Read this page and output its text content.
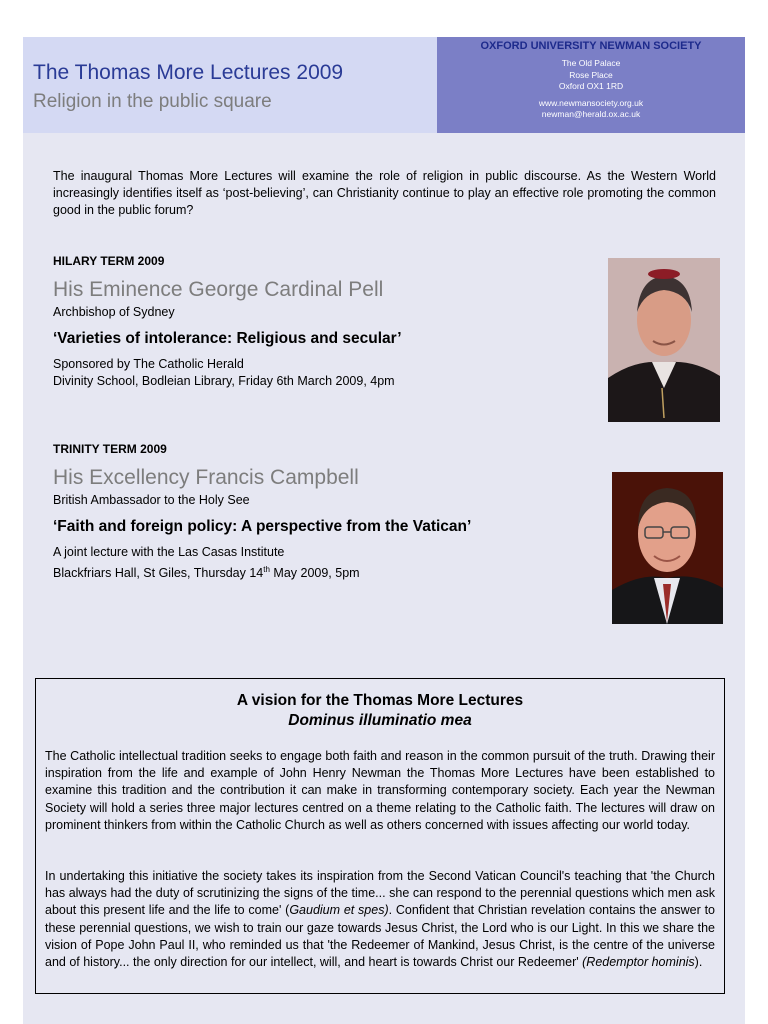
The Thomas More Lectures 2009
Religion in the public square
OXFORD UNIVERSITY NEWMAN SOCIETY
The Old Palace
Rose Place
Oxford OX1 1RD
www.newmansociety.org.uk
newman@herald.ox.ac.uk
The inaugural Thomas More Lectures will examine the role of religion in public discourse. As the Western World increasingly identifies itself as ‘post-believing’, can Christianity continue to play an effective role promoting the common good in the public forum?
HILARY TERM 2009
His Eminence George Cardinal Pell
Archbishop of Sydney
‘Varieties of intolerance: Religious and secular’
Sponsored by The Catholic Herald
Divinity School, Bodleian Library, Friday 6th March 2009, 4pm
TRINITY TERM 2009
His Excellency Francis Campbell
British Ambassador to the Holy See
‘Faith and foreign policy: A perspective from the Vatican’
A joint lecture with the Las Casas Institute
Blackfriars Hall, St Giles, Thursday 14th May 2009, 5pm
A vision for the Thomas More Lectures
Dominus illuminatio mea

The Catholic intellectual tradition seeks to engage both faith and reason in the common pursuit of the truth. Drawing their inspiration from the life and example of John Henry Newman the Thomas More Lectures have been established to examine this tradition and the contribution it can make in transforming contemporary society. Each year the Newman Society will hold a series three major lectures centred on a theme relating to the Catholic faith. The lectures will draw on prominent thinkers from within the Catholic Church as well as others concerned with issues affecting our world today.

In undertaking this initiative the society takes its inspiration from the Second Vatican Council's teaching that 'the Church has always had the duty of scrutinizing the signs of the time... she can respond to the perennial questions which men ask about this present life and the life to come' (Gaudium et spes). Confident that Christian revelation contains the answer to these perennial questions, we wish to train our gaze towards Jesus Christ, the Lord who is our Light. In this we share the vision of Pope John Paul II, who reminded us that 'the Redeemer of Mankind, Jesus Christ, is the centre of the universe and of history... the only direction for our intellect, will, and heart is towards Christ our Redeemer' (Redemptor hominis).
